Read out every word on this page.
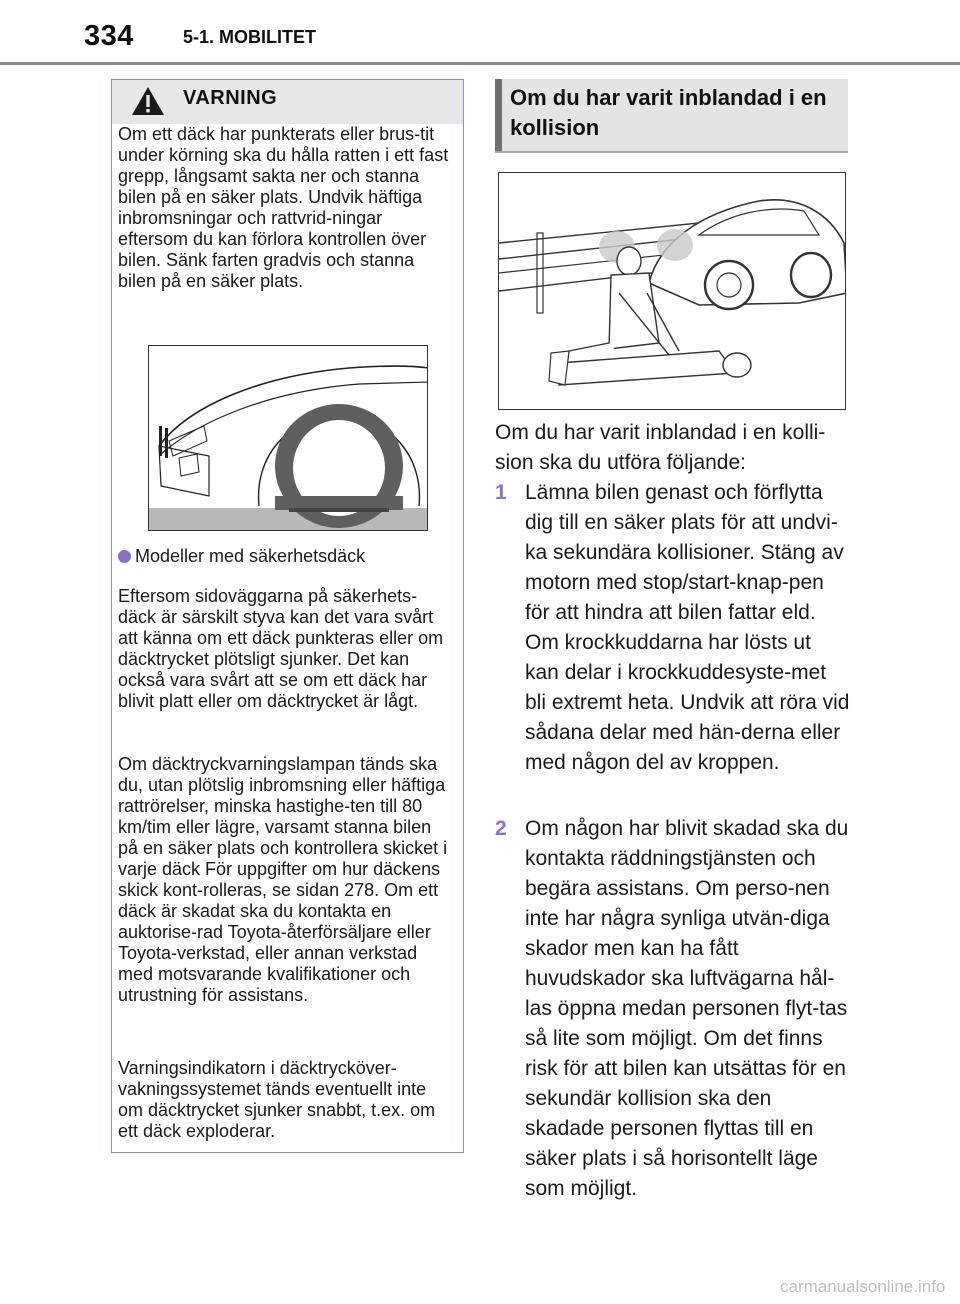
334	5-1. MOBILITET
VARNING
Om ett däck har punkterats eller brus-tit under körning ska du hålla ratten i ett fast grepp, långsamt sakta ner och stanna bilen på en säker plats. Undvik häftiga inbromsningar och rattvrid-ningar eftersom du kan förlora kontrollen över bilen. Sänk farten gradvis och stanna bilen på en säker plats.
Modeller med säkerhetsdäck
Eftersom sidoväggarna på säkerhets-däck är särskilt styva kan det vara svårt att känna om ett däck punkteras eller om däcktrycket plötsligt sjunker. Det kan också vara svårt att se om ett däck har blivit platt eller om däcktrycket är lågt.
Om däcktryckvarningslampan tänds ska du, utan plötslig inbromsning eller häftiga rattrörelser, minska hastighe-ten till 80 km/tim eller lägre, varsamt stanna bilen på en säker plats och kontrollera skicket i varje däck För uppgifter om hur däckens skick kont-rolleras, se sidan 278. Om ett däck är skadat ska du kontakta en auktorise-rad Toyota-återförsäljare eller Toyota-verkstad, eller annan verkstad med motsvarande kvalifikationer och utrustning för assistans.
Varningsindikatorn i däcktrycköver-vakningssystemet tänds eventuellt inte om däcktrycket sjunker snabbt, t.ex. om ett däck exploderar.
Om du har varit inblandad i en kollision
Om du har varit inblandad i en kolli-sion ska du utföra följande:
1 Lämna bilen genast och förflytta dig till en säker plats för att undvi-ka sekundära kollisioner. Stäng av motorn med stop/start-knap-pen för att hindra att bilen fattar eld. Om krockkuddarna har lösts ut kan delar i krockkuddesyste-met bli extremt heta. Undvik att röra vid sådana delar med hän-derna eller med någon del av kroppen.
2 Om någon har blivit skadad ska du kontakta räddningstjänsten och begära assistans. Om perso-nen inte har några synliga utvän-diga skador men kan ha fått huvudskador ska luftvägarna hål-las öppna medan personen flyt-tas så lite som möjligt. Om det finns risk för att bilen kan utsättas för en sekundär kollision ska den skadade personen flyttas till en säker plats i så horisontellt läge som möjligt.
carmanualsonline.info
